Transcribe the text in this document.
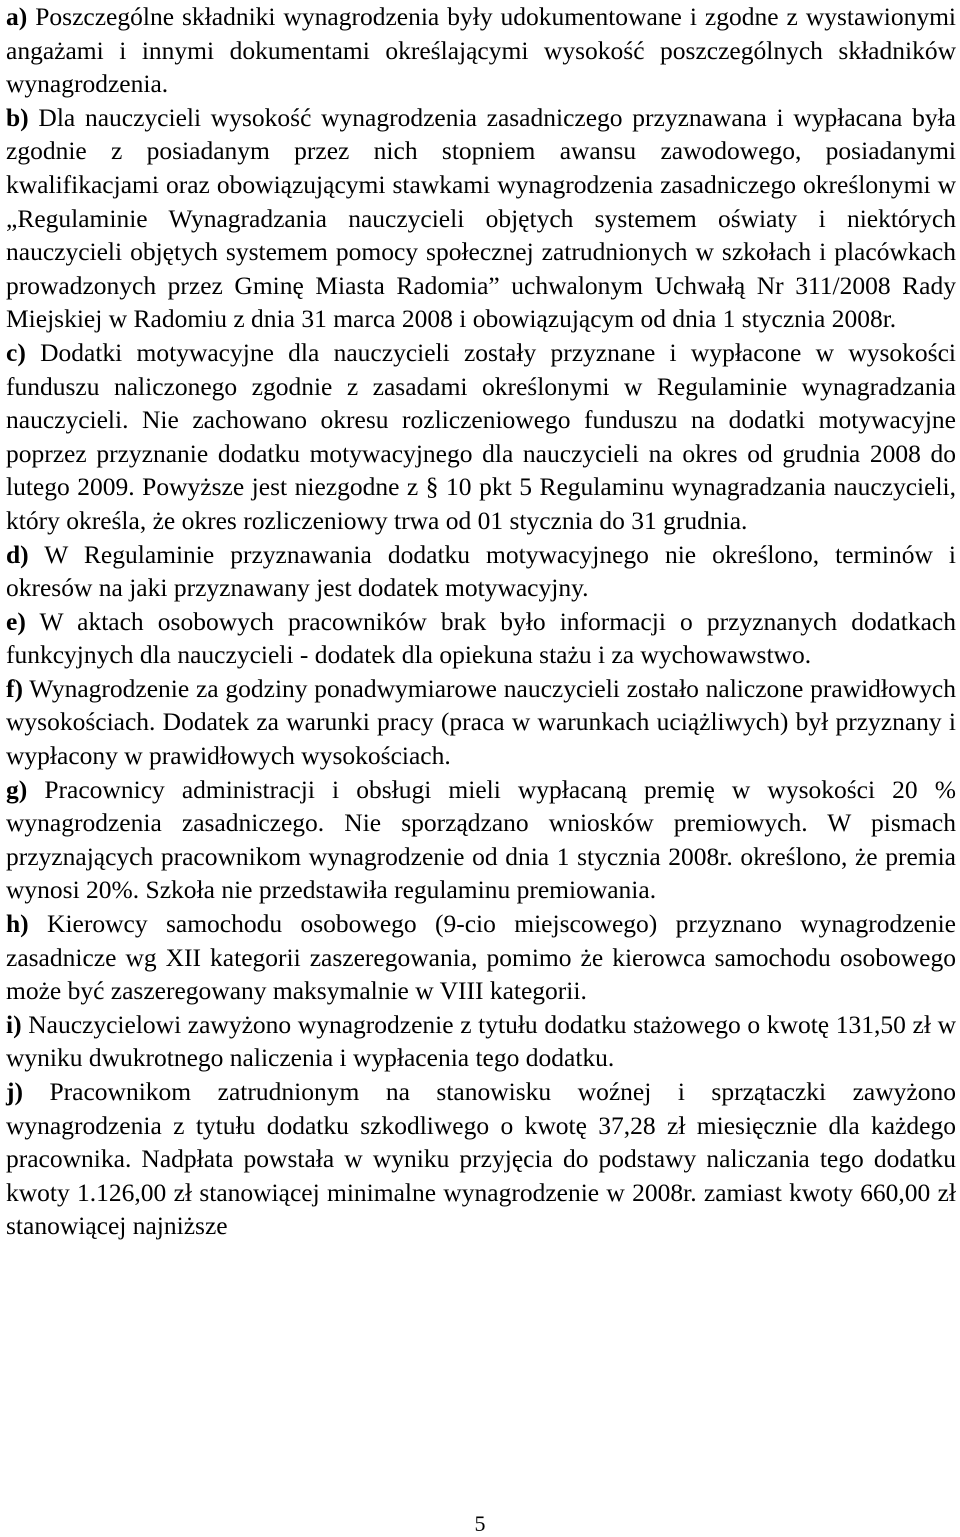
a) Poszczególne składniki wynagrodzenia były udokumentowane i zgodne z wystawionymi angażami i innymi dokumentami określającymi wysokość poszczególnych składników wynagrodzenia.

b) Dla nauczycieli wysokość wynagrodzenia zasadniczego przyznawana i wypłacana była zgodnie z posiadanym przez nich stopniem awansu zawodowego, posiadanymi kwalifikacjami oraz obowiązującymi stawkami wynagrodzenia zasadniczego określonymi w „Regulaminie Wynagradzania nauczycieli objętych systemem oświaty i niektórych nauczycieli objętych systemem pomocy społecznej zatrudnionych w szkołach i placówkach prowadzonych przez Gminę Miasta Radomia” uchwalonym Uchwałą Nr 311/2008 Rady Miejskiej w Radomiu z dnia 31 marca 2008 i obowiązującym od dnia 1 stycznia 2008r.

c) Dodatki motywacyjne dla nauczycieli zostały przyznane i wypłacone w wysokości funduszu naliczonego zgodnie z zasadami określonymi w Regulaminie wynagradzania nauczycieli. Nie zachowano okresu rozliczeniowego funduszu na dodatki motywacyjne poprzez przyznanie dodatku motywacyjnego dla nauczycieli na okres od grudnia 2008 do lutego 2009. Powyższe jest niezgodne z § 10 pkt 5 Regulaminu wynagradzania nauczycieli, który określa, że okres rozliczeniowy trwa od 01 stycznia do 31 grudnia.

d) W Regulaminie przyznawania dodatku motywacyjnego nie określono, terminów i okresów na jaki przyznawany jest dodatek motywacyjny.

e) W aktach osobowych pracowników brak było informacji o przyznanych dodatkach funkcyjnych dla nauczycieli - dodatek dla opiekuna stażu i za wychowawstwo.

f) Wynagrodzenie za godziny ponadwymiarowe nauczycieli zostało naliczone prawidłowych wysokościach. Dodatek za warunki pracy (praca w warunkach uciążliwych) był przyznany i wypłacony w prawidłowych wysokościach.

g) Pracownicy administracji i obsługi mieli wypłacaną premię w wysokości 20 % wynagrodzenia zasadniczego. Nie sporządzano wniosków premiowych. W pismach przyznających pracownikom wynagrodzenie od dnia 1 stycznia 2008r. określono, że premia wynosi 20%. Szkoła nie przedstawiła regulaminu premiowania.

h) Kierowcy samochodu osobowego (9-cio miejscowego) przyznano wynagrodzenie zasadnicze wg XII kategorii zaszeregowania, pomimo że kierowca samochodu osobowego może być zaszeregowany maksymalnie w VIII kategorii.

i) Nauczycielowi zawyżono wynagrodzenie z tytułu dodatku stażowego o kwotę 131,50 zł w wyniku dwukrotnego naliczenia i wypłacenia tego dodatku.

j) Pracownikom zatrudnionym na stanowisku woźnej i sprzątaczki zawyżono wynagrodzenia z tytułu dodatku szkodliwego o kwotę 37,28 zł miesięcznie dla każdego pracownika. Nadpłata powstała w wyniku przyjęcia do podstawy naliczania tego dodatku kwoty 1.126,00 zł stanowiącej minimalne wynagrodzenie w 2008r. zamiast kwoty 660,00 zł stanowiącej najniższe

5
